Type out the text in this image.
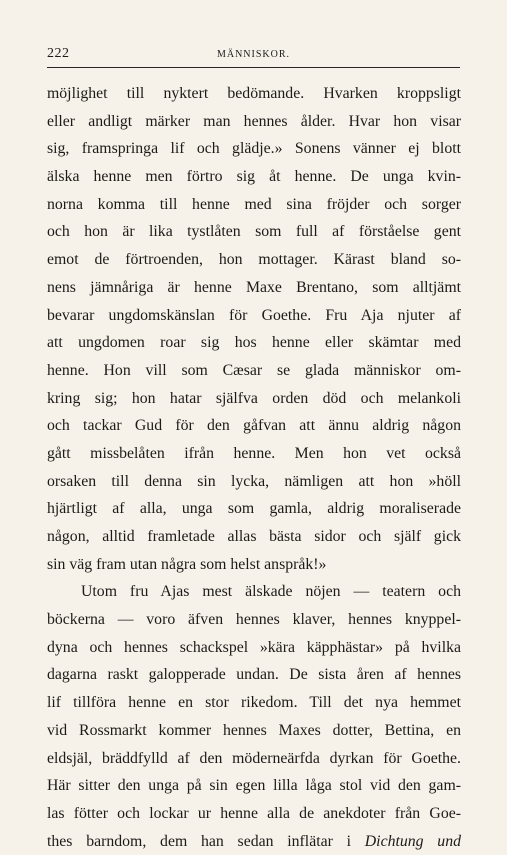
222	MÄNNISKOR.
möjlighet till nyktert bedömande. Hvarken kroppsligt
eller andligt märker man hennes ålder. Hvar hon visar
sig, framspringa lif och glädje.» Sonens vänner ej blott
älska henne men förtro sig åt henne. De unga kvin-
norna komma till henne med sina fröjder och sorger
och hon är lika tystlåten som full af förståelse gent
emot de förtroenden, hon mottager. Kärast bland so-
nens jämnåriga är henne Maxe Brentano, som alltjämt
bevarar ungdomskänslan för Goethe. Fru Aja njuter af
att ungdomen roar sig hos henne eller skämtar med
henne. Hon vill som Cæsar se glada människor om-
kring sig; hon hatar själfva orden död och melankoli
och tackar Gud för den gåfvan att ännu aldrig någon
gått missbelåten ifrån henne. Men hon vet också
orsaken till denna sin lycka, nämligen att hon »höll
hjärtligt af alla, unga som gamla, aldrig moraliserade
någon, alltid framletade allas bästa sidor och själf gick
sin väg fram utan några som helst anspråk!»
Utom fru Ajas mest älskade nöjen — teatern och
böckerna — voro äfven hennes klaver, hennes knyppel-
dyna och hennes schackspel »kära käpphästar» på hvilka
dagarna raskt galopperade undan. De sista åren af hennes
lif tillföra henne en stor rikedom. Till det nya hemmet
vid Rossmarkt kommer hennes Maxes dotter, Bettina, en
eldsjäl, bräddfylld af den möderneärfda dyrkan för Goethe.
Här sitter den unga på sin egen lilla låga stol vid den gam-
las fötter och lockar ur henne alla de anekdoter från Goe-
thes barndom, dem han sedan inflätar i Dichtung und
